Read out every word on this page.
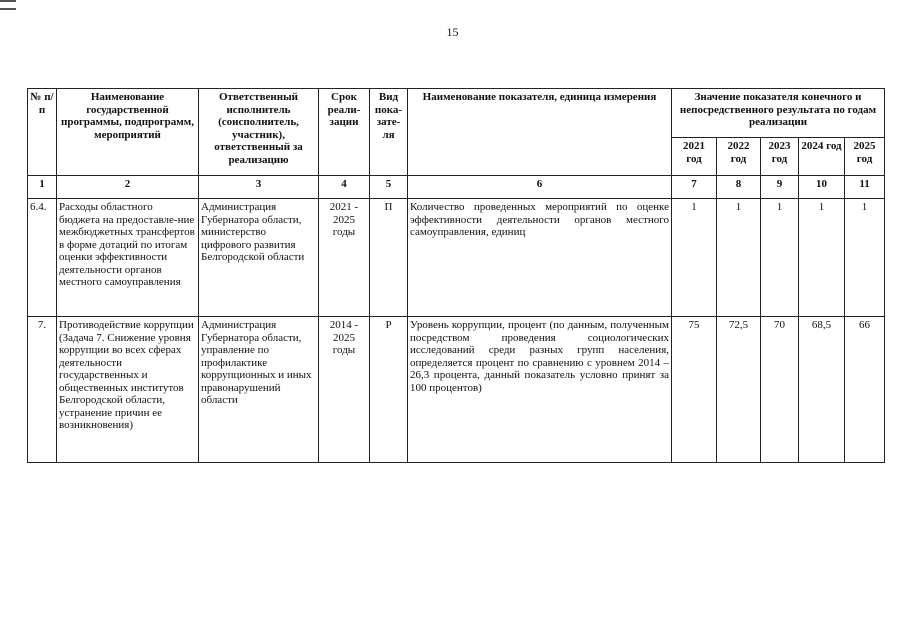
15
№ п/п	Наименование государственной программы, подпрограмм, мероприятий	Ответственный исполнитель (соисполнитель, участник), ответственный за реализацию	Срок реали-зации	Вид пока-зате-ля	Наименование показателя, единица измерения	Значение показателя конечного и непосредственного результата по годам реализации				
						2021 год	2022 год	2023 год	2024 год	2025 год
1	2	3	4	5	6	7	8	9	10	11
6.4.	Расходы областного бюджета на предоставле-ние межбюджетных трансфертов в форме дотаций по итогам оценки эффективности деятельности органов местного самоуправления	Администрация Губернатора области, министерство цифрового развития Белгородской области	2021 - 2025 годы	П	Количество проведенных мероприятий по оценке эффективности деятельности органов местного самоуправления, единиц	1	1	1	1	1
7.	Противодействие коррупции (Задача 7. Снижение уровня коррупции во всех сферах деятельности государственных и общественных институтов Белгородской области, устранение причин ее возникновения)	Администрация Губернатора области, управление по профилактике коррупционных и иных правонарушений области	2014 - 2025 годы	Р	Уровень коррупции, процент (по данным, полученным посредством проведения социологических исследований среди разных групп населения, определяется процент по сравнению с уровнем 2014 – 26,3 процента, данный показатель условно принят за 100 процентов)	75	72,5	70	68,5	66
